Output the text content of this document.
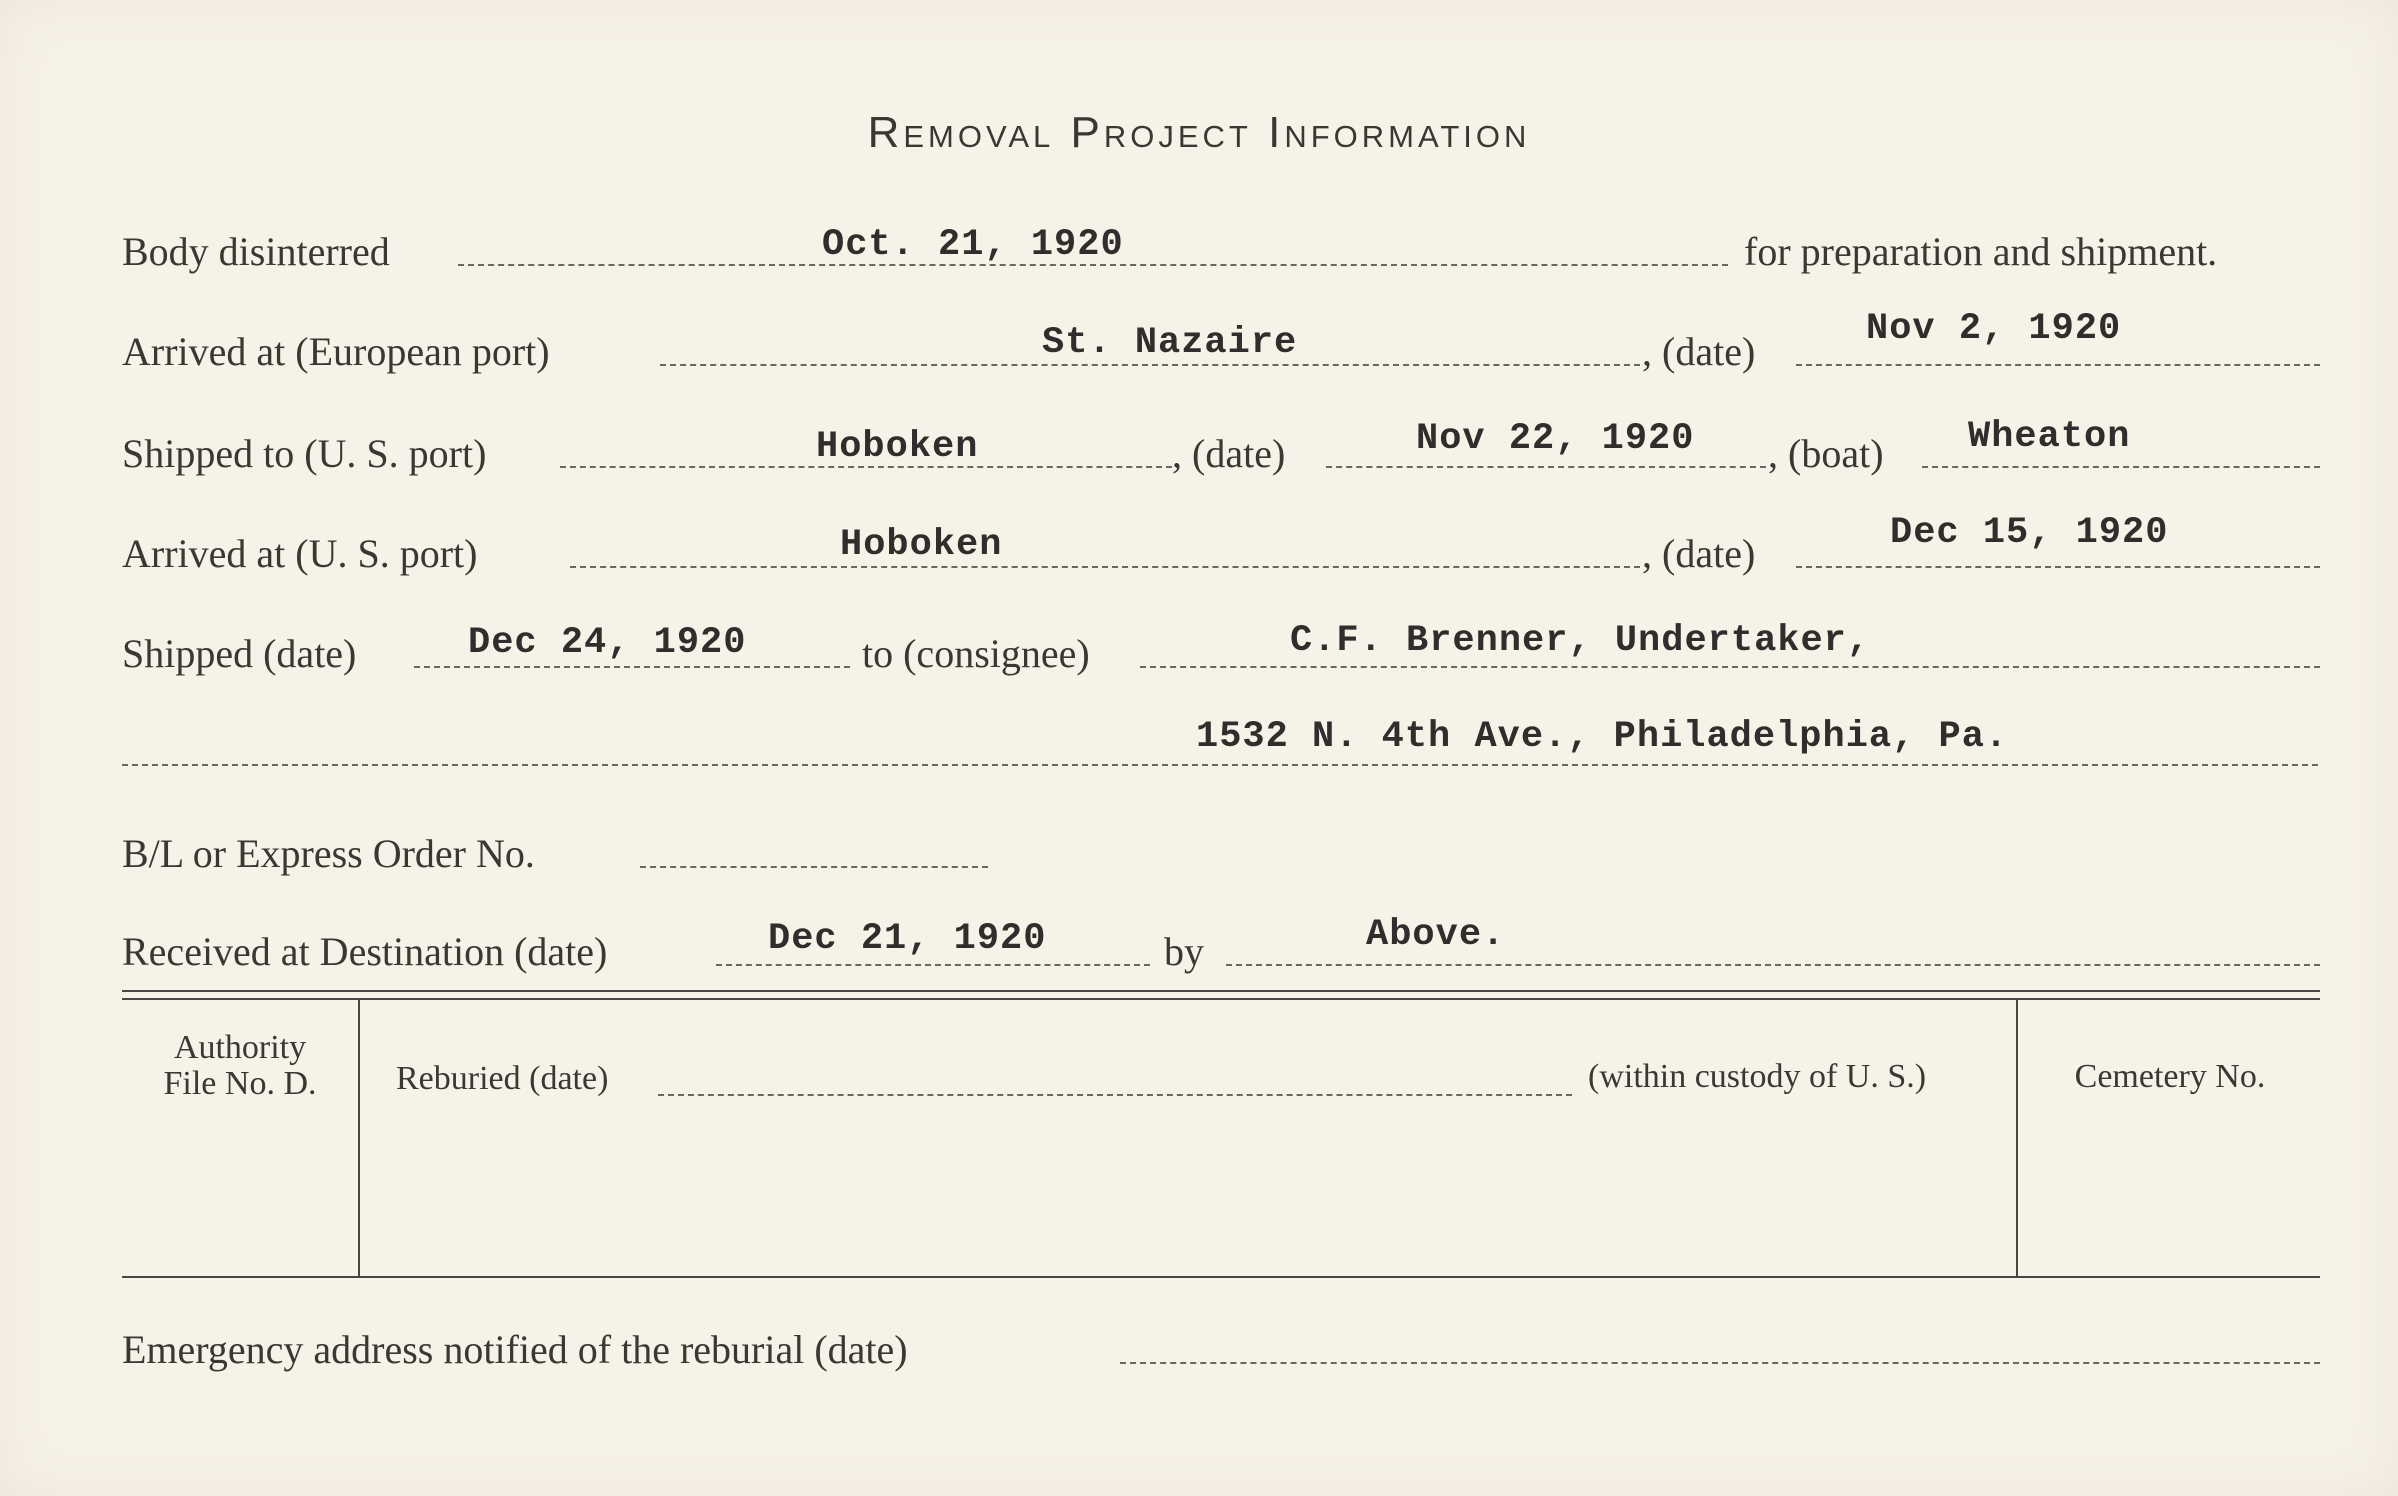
Removal Project Information
Body disinterred	Oct. 21, 1920	for preparation and shipment.
Arrived at (European port)	St. Nazaire	, (date)	Nov 2, 1920
Shipped to (U. S. port)	Hoboken	, (date)	Nov 22, 1920 , (boat) Wheaton
Arrived at (U. S. port)	Hoboken	, (date)	Dec 15, 1920
Shipped (date)	Dec 24, 1920	to (consignee)	C.F. Brenner, Undertaker,
1532 N. 4th Ave., Philadelphia, Pa.
B/L or Express Order No.
Received at Destination (date)	Dec 21, 1920	by	Above.
Authority
File No. D.	Reburied (date)	(within custody of U. S.)	Cemetery No.
Emergency address notified of the reburial (date)
